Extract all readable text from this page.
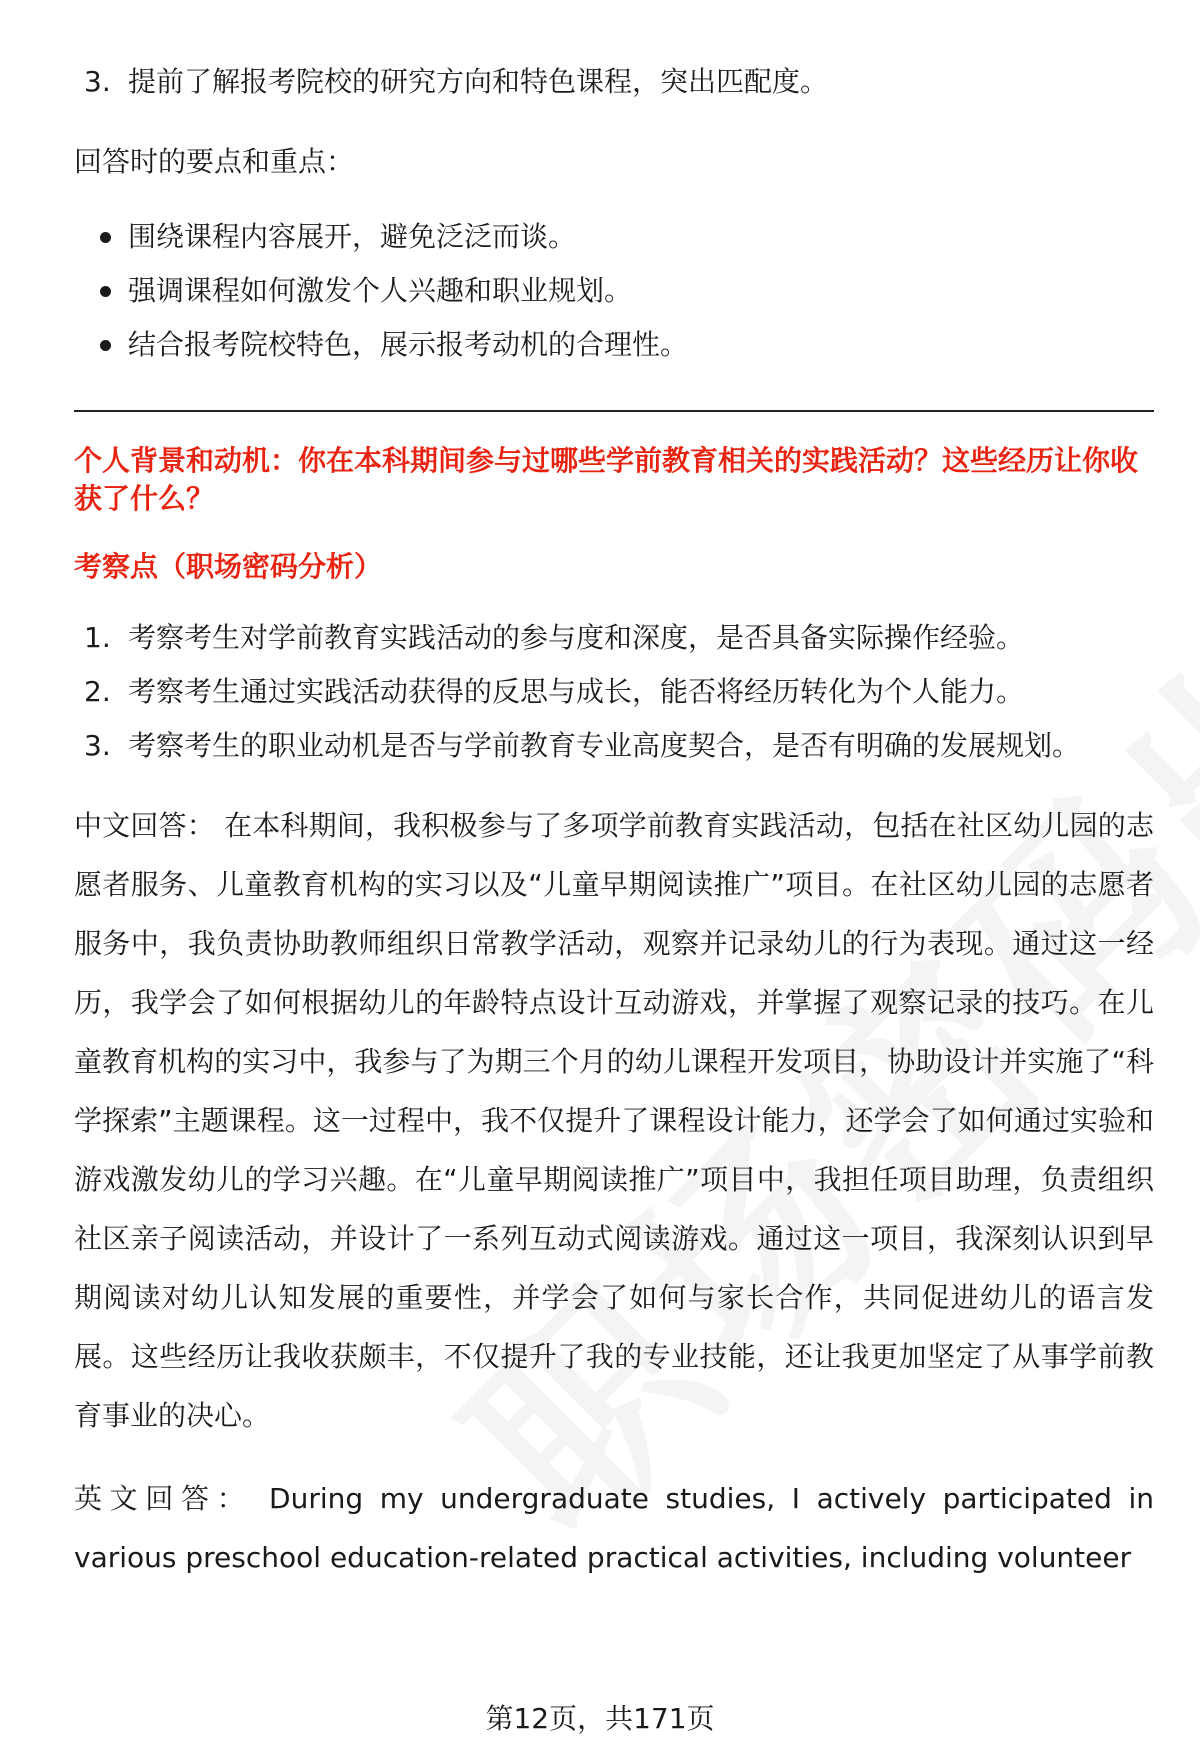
3. 提前了解报考院校的研究方向和特色课程，突出匹配度。
回答时的要点和重点：
围绕课程内容展开，避免泛泛而谈。
强调课程如何激发个人兴趣和职业规划。
结合报考院校特色，展示报考动机的合理性。
个人背景和动机：你在本科期间参与过哪些学前教育相关的实践活动？这些经历让你收获了什么？
考察点（职场密码分析）
1. 考察考生对学前教育实践活动的参与度和深度，是否具备实际操作经验。
2. 考察考生通过实践活动获得的反思与成长，能否将经历转化为个人能力。
3. 考察考生的职业动机是否与学前教育专业高度契合，是否有明确的发展规划。
中文回答： 在本科期间，我积极参与了多项学前教育实践活动，包括在社区幼儿园的志愿者服务、儿童教育机构的实习以及“儿童早期阅读推广”项目。在社区幼儿园的志愿者服务中，我负责协助教师组织日常教学活动，观察并记录幼儿的行为表现。通过这一经历，我学会了如何根据幼儿的年龄特点设计互动游戏，并掌握了观察记录的技巧。在儿童教育机构的实习中，我参与了为期三个月的幼儿课程开发项目，协助设计并实施了“科学探索”主题课程。这一过程中，我不仅提升了课程设计能力，还学会了如何通过实验和游戏激发幼儿的学习兴趣。在“儿童早期阅读推广”项目中，我担任项目助理，负责组织社区亲子阅读活动，并设计了一系列互动式阅读游戏。通过这一项目，我深刻认识到早期阅读对幼儿认知发展的重要性，并学会了如何与家长合作，共同促进幼儿的语言发展。这些经历让我收获颇丰，不仅提升了我的专业技能，还让我更加坚定了从事学前教育事业的决心。
英文回答： During my undergraduate studies, I actively participated in various preschool education-related practical activities, including volunteer
第12页，共171页
